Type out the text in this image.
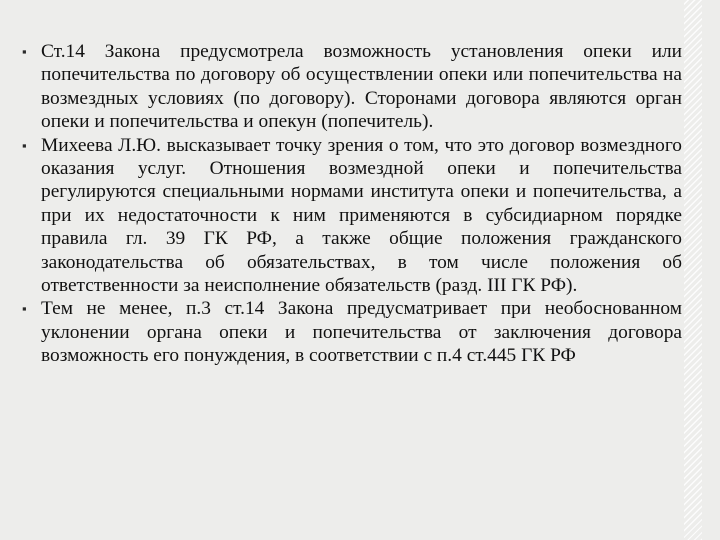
▪ Ст.14 Закона предусмотрела возможность установления опеки или попечительства по договору об осуществлении опеки или попечительства на возмездных условиях (по договору). Сторонами договора являются орган опеки и попечительства и опекун (попечитель).
▪ Михеева Л.Ю. высказывает точку зрения о том, что это договор возмездного оказания услуг. Отношения возмездной опеки и попечительства регулируются специальными нормами института опеки и попечительства, а при их недостаточности к ним применяются в субсидиарном порядке правила гл. 39 ГК РФ, а также общие положения гражданского законодательства об обязательствах, в том числе положения об ответственности за неисполнение обязательств (разд. III ГК РФ).
▪ Тем не менее, п.3 ст.14 Закона предусматривает при необоснованном уклонении органа опеки и попечительства от заключения договора возможность его понуждения, в соответствии с п.4 ст.445 ГК РФ
